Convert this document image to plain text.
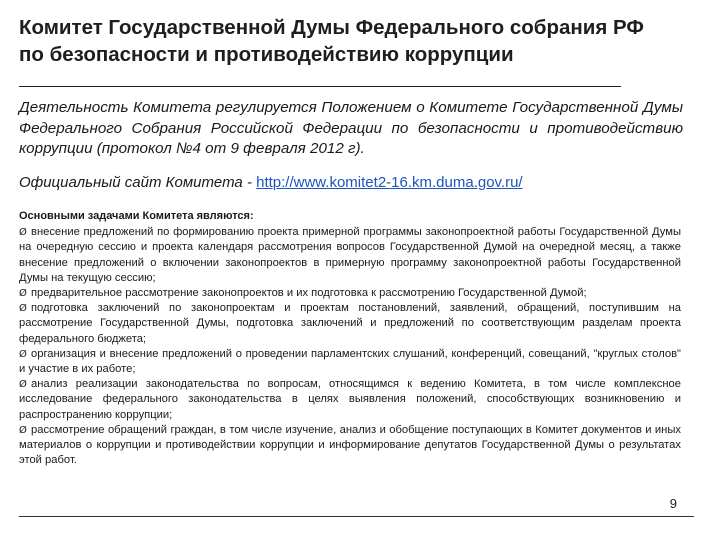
Комитет Государственной Думы Федерального собрания РФ
по безопасности и противодействию коррупции

Деятельность Комитета регулируется Положением о Комитете Государственной Думы Федерального Собрания Российской Федерации по безопасности и противодействию коррупции (протокол №4 от 9 февраля 2012 г).

Официальный сайт Комитета - http://www.komitet2-16.km.duma.gov.ru/

Основными задачами Комитета являются:

Ø внесение предложений по формированию проекта примерной программы законопроектной работы Государственной Думы на очередную сессию и проекта календаря рассмотрения вопросов Государственной Думой на очередной месяц, а также внесение предложений о включении законопроектов в примерную программу законопроектной работы Государственной Думы на текущую сессию;

Ø предварительное рассмотрение законопроектов и их подготовка к рассмотрению Государственной Думой;

Ø подготовка заключений по законопроектам и проектам постановлений, заявлений, обращений, поступившим на рассмотрение Государственной Думы, подготовка заключений и предложений по соответствующим разделам проекта федерального бюджета;

Ø организация и внесение предложений о проведении парламентских слушаний, конференций, совещаний, "круглых столов" и участие в их работе;

Ø анализ реализации законодательства по вопросам, относящимся к ведению Комитета, в том числе комплексное исследование федерального законодательства в целях выявления положений, способствующих возникновению и распространению коррупции;

Ø рассмотрение обращений граждан, в том числе изучение, анализ и обобщение поступающих в Комитет документов и иных материалов о коррупции и противодействии коррупции и информирование депутатов Государственной Думы о результатах этой работ.

9
